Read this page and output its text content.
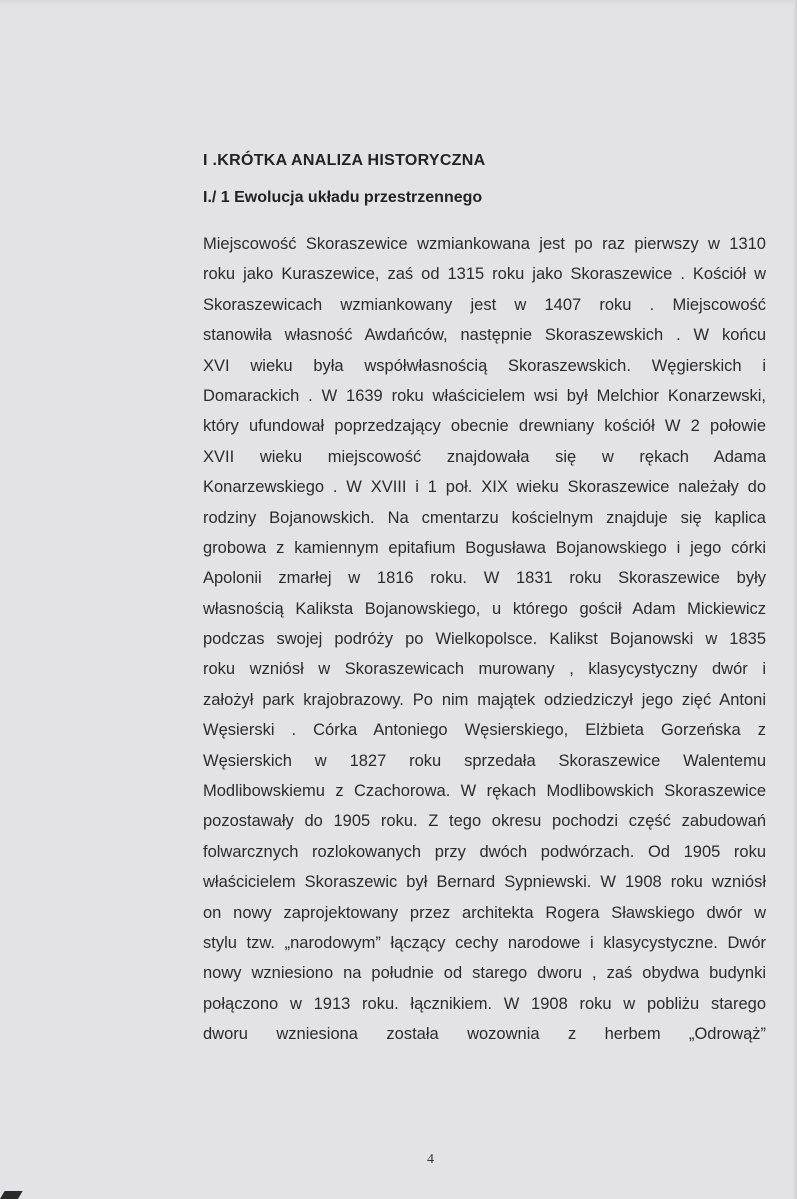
I .KRÓTKA ANALIZA HISTORYCZNA
I./ 1 Ewolucja układu przestrzennego
Miejscowość Skoraszewice wzmiankowana jest po raz pierwszy w 1310
roku jako Kuraszewice, zaś od 1315 roku jako Skoraszewice . Kościół w
Skoraszewicach wzmiankowany jest w 1407 roku . Miejscowość
stanowiła własność Awdańców, następnie Skoraszewskich . W końcu
XVI wieku była współwłasnością Skoraszewskich. Węgierskich i
Domarackich . W 1639 roku właścicielem wsi był Melchior Konarzewski,
który ufundował poprzedzający obecnie drewniany kościół W 2 połowie
XVII wieku miejscowość znajdowała się w rękach Adama
Konarzewskiego . W XVIII i 1 poł. XIX wieku Skoraszewice należały do
rodziny Bojanowskich. Na cmentarzu kościelnym znajduje się kaplica
grobowa z kamiennym epitafium Bogusława Bojanowskiego i jego córki
Apolonii zmarłej w 1816 roku. W 1831 roku Skoraszewice były
własnością Kaliksta Bojanowskiego, u którego gościł Adam Mickiewicz
podczas swojej podróży po Wielkopolsce. Kalikst Bojanowski w 1835
roku wzniósł w Skoraszewicach murowany , klasycystyczny dwór i
założył park krajobrazowy. Po nim majątek odziedziczył jego zięć Antoni
Węsierski . Córka Antoniego Węsierskiego, Elżbieta Gorzeńska z
Węsierskich w 1827 roku sprzedała Skoraszewice Walentemu
Modlibowskiemu z Czachorowa. W rękach Modlibowskich Skoraszewice
pozostawały do 1905 roku. Z tego okresu pochodzi część zabudowań
folwarcznych rozlokowanych przy dwóch podwórzach. Od 1905 roku
właścicielem Skoraszewic był Bernard Sypniewski. W 1908 roku wzniósł
on nowy zaprojektowany przez architekta Rogera Sławskiego dwór w
stylu tzw. „narodowym” łączący cechy narodowe i klasycystyczne. Dwór
nowy wzniesiono na południe od starego dworu , zaś obydwa budynki
połączono w 1913 roku. łącznikiem. W 1908 roku w pobliżu starego
dworu wzniesiona została wozownia z herbem „Odrowąż”

4
